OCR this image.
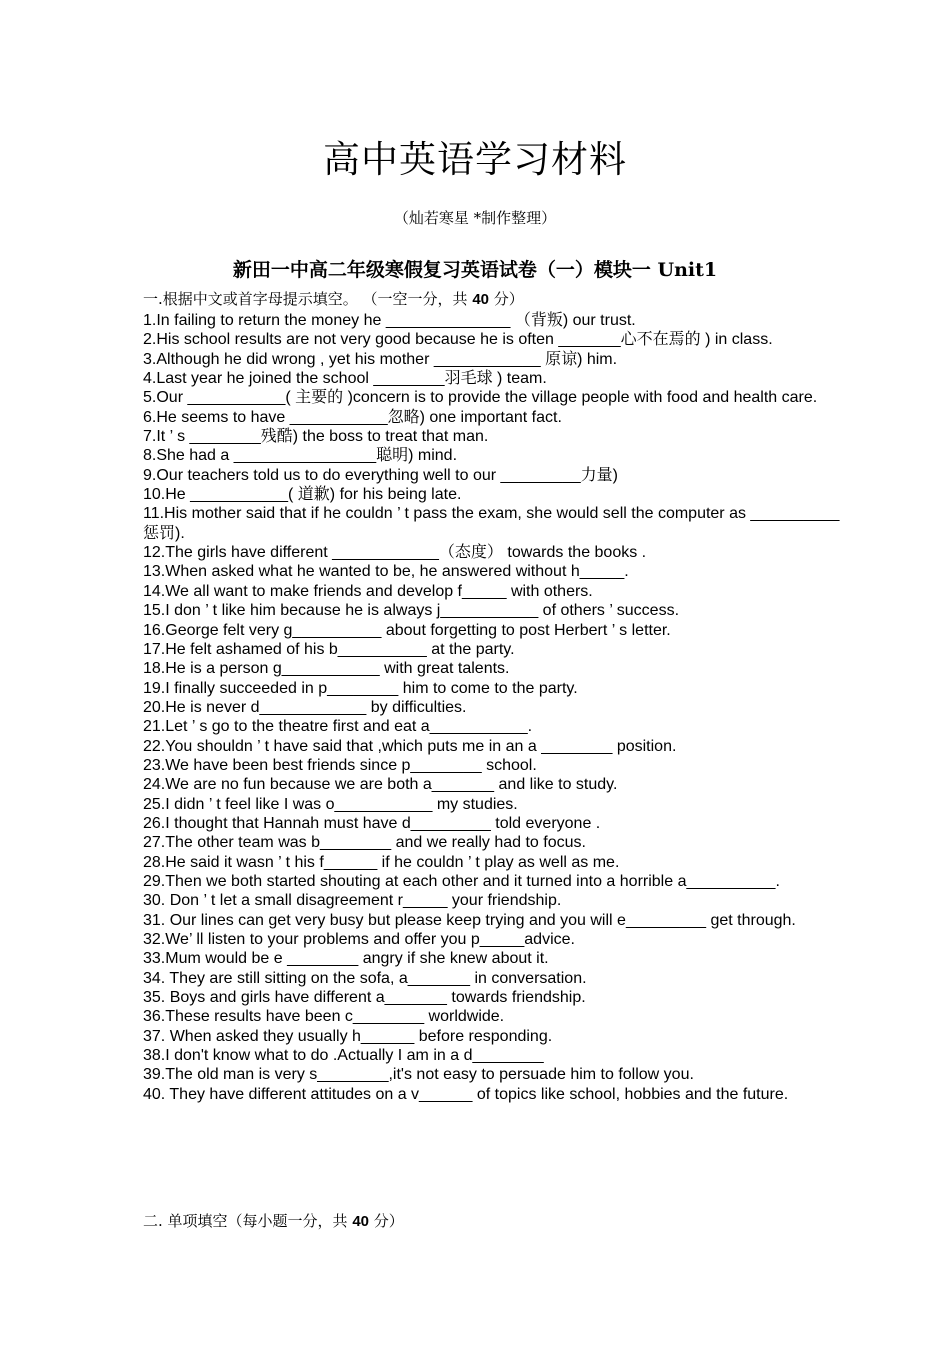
高中英语学习材料
（灿若寒星 *制作整理）
新田一中高二年级寒假复习英语试卷（一）模块一 Unit1
一.根据中文或首字母提示填空。 （一空一分，共 40 分）
1.In failing to return the money he ______________ （背叛) our trust.
2.His school results are not very good because he is often _______心不在焉的 ) in class.
3.Although he did wrong , yet his mother ____________ 原谅) him.
4.Last year he joined the school ________羽毛球 ) team.
5.Our ___________( 主要的 )concern is to provide the village people with food and health care.
6.He seems to have ___________忽略) one important fact.
7.It ’ s ________残酷) the boss to treat that man.
8.She had a ________________聪明) mind.
9.Our teachers told us to do everything well to our _________力量)
10.He ___________( 道歉) for his being late.
11.His mother said that if he couldn ’ t pass the exam, she would sell the computer as __________惩罚).
12.The girls have different ____________（态度） towards the books .
13.When asked what he wanted to be, he answered without h_____.
14.We all want to make friends and develop f_____ with others.
15.I don ’ t like him because he is always j___________ of others ’ success.
16.George felt very g__________ about forgetting to post Herbert ’ s letter.
17.He felt ashamed of his b__________ at the party.
18.He is a person g___________ with great talents.
19.I finally succeeded in p________ him to come to the party.
20.He is never d____________ by difficulties.
21.Let ’ s go to the theatre first and eat a___________.
22.You shouldn ’ t have said that ,which puts me in an a ________ position.
23.We have been best friends since p________ school.
24.We are no fun because we are both a_______ and like to study.
25.I didn ’ t feel like I was o___________ my studies.
26.I thought that Hannah must have d_________ told everyone .
27.The other team was b________ and we really had to focus.
28.He said it wasn ’ t his f______ if he couldn ’ t play as well as me.
29.Then we both started shouting at each other and it turned into a horrible a__________.
30. Don ’ t let a small disagreement r_____ your friendship.
31. Our lines can get very busy but please keep trying and you will e_________ get through.
32.We’ ll listen to your problems and offer you p_____advice.
33.Mum would be e ________ angry if she knew about it.
34. They are still sitting on the sofa, a_______ in conversation.
35. Boys and girls have different a_______ towards friendship.
36.These results have been c________ worldwide.
37. When asked they usually h______ before responding.
38.I don't know what to do .Actually I am in a d________
39.The old man is very s________,it's not easy to persuade him to follow you.
40. They have different attitudes on a v______ of topics like school, hobbies and the future.
二. 单项填空（每小题一分，共 40 分）
